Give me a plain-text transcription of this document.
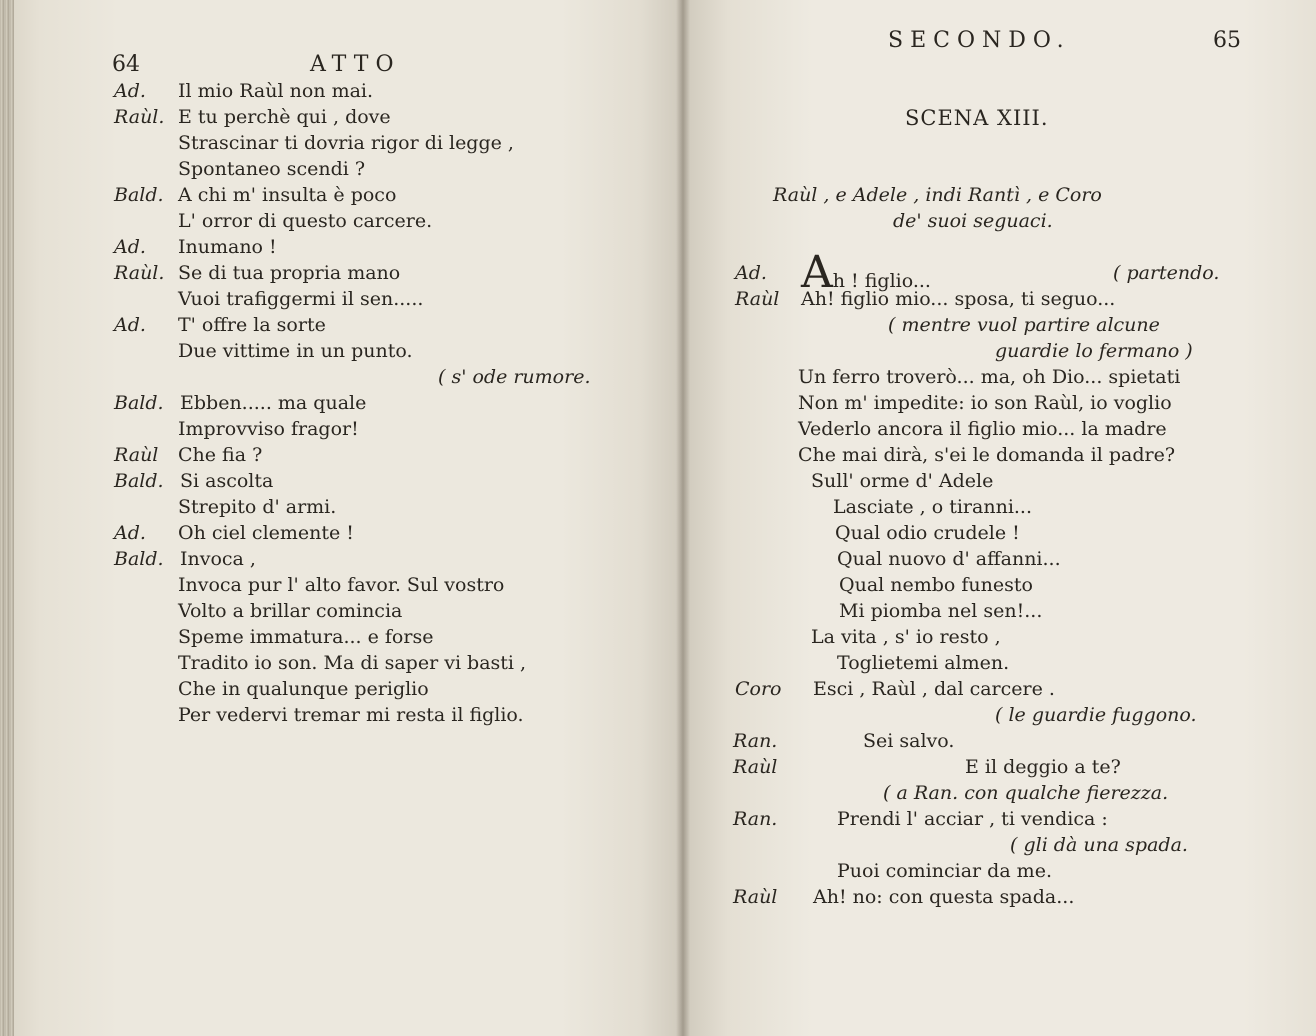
64	ATTO
Ad. Il mio Raùl non mai.
Raùl. E tu perchè qui , dove
Strascinar ti dovria rigor di legge ,
Spontaneo scendi ?
Bald. A chi m' insulta è poco
L' orror di questo carcere.
Ad. Inumano !
Raùl. Se di tua propria mano
Vuoi trafiggermi il sen.....
Ad. T' offre la sorte
Due vittime in un punto.
( s' ode rumore.
Bald. Ebben..... ma quale
Improvviso fragor!
Raùl Che fia ?
Bald. Si ascolta
Strepito d' armi.
Ad. Oh ciel clemente !
Bald. Invoca ,
Invoca pur l' alto favor. Sul vostro
Volto a brillar comincia
Speme immatura... e forse
Tradito io son. Ma di saper vi basti ,
Che in qualunque periglio
Per vedervi tremar mi resta il figlio.
SECONDO.	65
SCENA XIII.
Raùl , e Adele , indi Rantì , e Coro
de' suoi seguaci.
Ad. Ah ! figlio...	( partendo.
Raùl Ah! figlio mio... sposa, ti seguo...
( mentre vuol partire alcune
guardie lo fermano )
Un ferro troverò... ma, oh Dio... spietati
Non m' impedite: io son Raùl, io voglio
Vederlo ancora il figlio mio... la madre
Che mai dirà, s'ei le domanda il padre?
Sull' orme d' Adele
Lasciate , o tiranni...
Qual odio crudele !
Qual nuovo d' affanni...
Qual nembo funesto
Mi piomba nel sen!...
La vita , s' io resto ,
Toglietemi almen.
Coro Esci , Raùl , dal carcere .
( le guardie fuggono.
Ran.	Sei salvo.
Raùl	E il deggio a te?
( a Ran. con qualche fierezza.
Ran.	Prendi l' acciar , ti vendica :
( gli dà una spada.
Puoi cominciar da me.
Raùl Ah! no: con questa spada...
